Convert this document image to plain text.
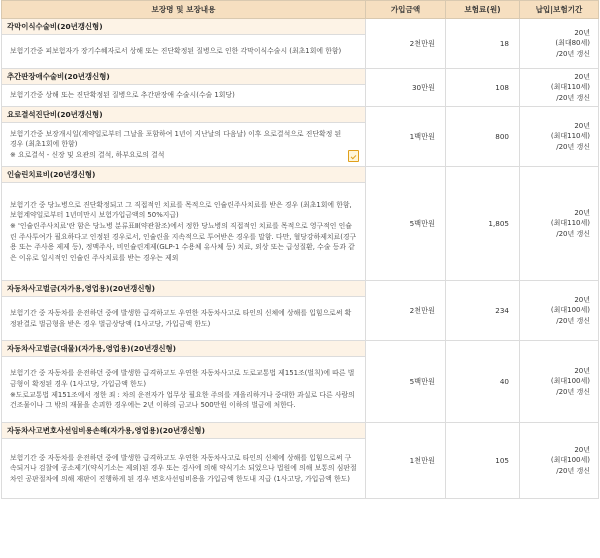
보장명 및 보장내용	가입금액	보험료(원)	납입|보험기간
각막이식수술비(20년갱신형)	2천만원	18	20년
(최대80세)
/20년 갱신

보험기간중 피보험자가 장기수혜자로서 상해 또는 진단확정된 질병으로 인한 각막이식수술시 (최초1회에 한함)			
추간판장애수술비(20년갱신형)	30만원	108	20년
(최대110세)
/20년 갱신

보험기간중 상해 또는 진단확정된 질병으로 추간판장애 수술시(수술 1회당)			
요로결석진단비(20년갱신형)	1백만원	800	20년
(최대110세)
/20년 갱신

보험기간중 보장개시일(계약일로부터 그날을 포함하여 1년이 지난날의 다음날) 이후 요로결석으로 진단확정 된 경우 (최초1회에 한함)
※ 요로결석 - 신장 및 요관의 결석, 하부요로의 결석			

인슐린치료비(20년갱신형)	5백만원	1,805	20년
(최대110세)
/20년 갱신

보험기간 중 당뇨병으로 진단확정되고 그 직접적인 치료를 목적으로 인슐린주사치료를 받은 경우 (최초1회에 한함, 보험계약일로부터 1년미만시 보험가입금액의 50%지급)
※ '인슐린주사치료'란 함은 당뇨병 분류표Ⅱ(약관참조)에서 정한 당뇨병의 직접적인 치료를 목적으로 영구적인 인슐린 주사투여가 필요하다고 인정된 경우로서, 인슐린을 지속적으로 투여받은 경우를 말함. 다만, 혈당강하제치료(경구용 또는 주사용 제제 등), 정맥주사, 비인슐린계제(GLP-1 수용체 유사체 등) 치료, 외상 또는 급성질환, 수술 등과 같은 이유로 일시적인 인슐린 주사치료를 받는 경우는 제외			

자동차사고벌금(자가용,영업용)(20년갱신형)	2천만원	234	20년
(최대100세)
/20년 갱신

보험기간 중 자동차를 운전하던 중에 발생한 급격하고도 우연한 자동차사고로 타인의 신체에 상해를 입힘으로써 확정판결로 벌금형을 받은 경우 벌금상당액 (1사고당, 가입금액 한도)			
자동차사고벌금(대물)(자가용,영업용)(20년갱신형)	5백만원	40	20년
(최대100세)
/20년 갱신

보험기간 중 자동차를 운전하던 중에 발생한 급격하고도 우연한 자동차사고로 도로교통법 제151조(벌칙)에 따른 벌금형이 확정된 경우 (1사고당, 가입금액 한도)
※도로교통법 제151조에서 정한 죄 : 차의 운전자가 업무상 필요한 주의를 게을리하거나 중대한 과실로 다른 사람의 건조물이나 그 밖의 재물을 손괴한 경우에는 2년 이하의 금고나 500만원 이하의 벌금에 처한다.			

자동차사고변호사선임비용손해(자가용,영업용)(20년갱신형)	1천만원	105	20년
(최대100세)
/20년 갱신

보험기간 중 자동차를 운전하던 중에 발생한 급격하고도 우연한 자동차사고로 타인의 신체에 상해를 입힘으로써 구속되거나 검찰에 공소제기(약식기소는 제외)된 경우 또는 검사에 의해 약식기소 되었으나 법원에 의해 보통의 심판절차인 공판절차에 의해 재판이 진행하게 된 경우 변호사선임비용을 가입금액 한도내 지급 (1사고당, 가입금액 한도)			
